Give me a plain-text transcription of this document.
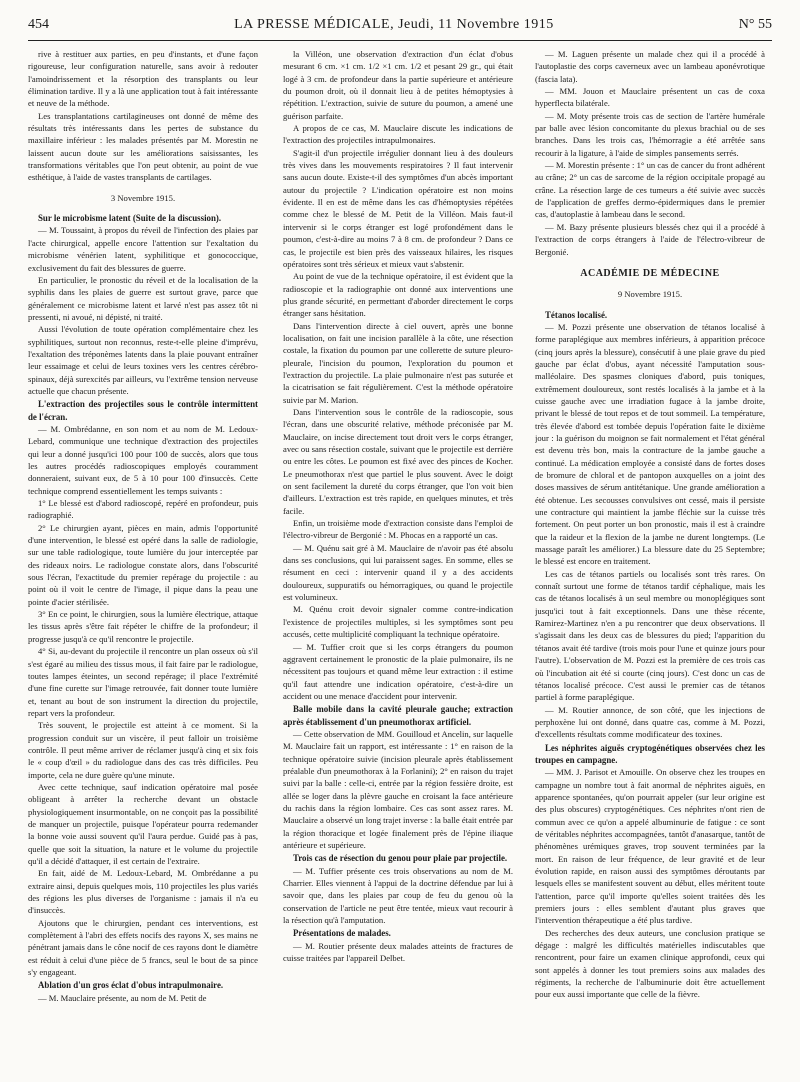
454	LA PRESSE MÉDICALE, Jeudi, 11 Novembre 1915	N° 55

rive à restituer aux parties, en peu d'instants, et d'une façon rigoureuse, leur configuration naturelle, sans avoir à redouter l'amoindrissement et la résorption des transplants ou leur élimination tardive. Il y a là une application tout à fait intéressante et neuve de la méthode.

Les transplantations cartilagineuses ont donné de même des résultats très intéressants dans les pertes de substance du maxillaire inférieur : les malades présentés par M. Morestin ne laissent aucun doute sur les améliorations saisissantes, les transformations véritables que l'on peut obtenir, au point de vue esthétique, à l'aide de vastes transplants de cartilages.

3 Novembre 1915.

Sur le microbisme latent (Suite de la discussion).

— M. Toussaint, à propos du réveil de l'infection des plaies par l'acte chirurgical, appelle encore l'attention sur l'exaltation du microbisme vénérien latent, syphilitique et gonococcique, exclusivement du fait des blessures de guerre.

En particulier, le pronostic du réveil et de la localisation de la syphilis dans les plaies de guerre est surtout grave, parce que généralement ce microbisme latent et larvé n'est pas assez tôt ni pressenti, ni avoué, ni dépisté, ni traité.

Aussi l'évolution de toute opération complémentaire chez les syphilitiques, surtout non reconnus, reste-t-elle pleine d'imprévu, l'exaltation des tréponèmes latents dans la plaie pouvant entraîner leur essaimage et celui de leurs toxines vers les centres cérébro-spinaux, déjà surexcités par ailleurs, vu l'extrême tension nerveuse actuelle que chacun présente.

L'extraction des projectiles sous le contrôle intermittent de l'écran.

— M. Ombrédanne, en son nom et au nom de M. Ledoux-Lebard, communique une technique d'extraction des projectiles qui leur a donné jusqu'ici 100 pour 100 de succès, alors que tous les autres procédés radioscopiques employés couramment donneraient, suivant eux, de 5 à 10 pour 100 d'insuccès. Cette technique comprend essentiellement les temps suivants :

1° Le blessé est d'abord radioscopé, repéré en profondeur, puis radiographié.

2° Le chirurgien ayant, pièces en main, admis l'opportunité d'une intervention, le blessé est opéré dans la salle de radiologie, sur une table radiologique, toute lumière du jour interceptée par des rideaux noirs. Le radiologue constate alors, dans l'obscurité sous l'écran, l'exactitude du premier repérage du projectile : au point où il voit le centre de l'image, il pique dans la peau une pointe d'acier stérilisée.

3° En ce point, le chirurgien, sous la lumière électrique, attaque les tissus après s'être fait répéter le chiffre de la profondeur; il progresse jusqu'à ce qu'il rencontre le projectile.

4° Si, au-devant du projectile il rencontre un plan osseux où s'il s'est égaré au milieu des tissus mous, il fait faire par le radiologue, toutes lampes éteintes, un second repérage; il place l'extrémité d'une fine curette sur l'image retrouvée, fait donner toute lumière et, tenant au bout de son instrument la direction du projectile, repart vers la profondeur.

Très souvent, le projectile est atteint à ce moment. Si la progression conduit sur un viscère, il peut falloir un troisième contrôle. Il peut même arriver de réclamer jusqu'à cinq et six fois le « coup d'œil » du radiologue dans des cas très difficiles. Peu importe, cela ne dure guère qu'une minute.

Avec cette technique, sauf indication opératoire mal posée obligeant à arrêter la recherche devant un obstacle physiologiquement insurmontable, on ne conçoit pas la possibilité de manquer un projectile, puisque l'opérateur pourra redemander la bonne voie aussi souvent qu'il l'aura perdue. Guidé pas à pas, quelle que soit la situation, la nature et le volume du projectile qu'il a décidé d'attaquer, il est certain de l'extraire.

En fait, aidé de M. Ledoux-Lebard, M. Ombrédanne a pu extraire ainsi, depuis quelques mois, 110 projectiles les plus variés des régions les plus diverses de l'organisme : jamais il n'a eu d'insuccès.

Ajoutons que le chirurgien, pendant ces interventions, est complètement à l'abri des effets nocifs des rayons X, ses mains ne pénétrant jamais dans le cône nocif de ces rayons dont le diamètre est réduit à celui d'une pièce de 5 francs, seul le bout de sa pince s'y engageant.

Ablation d'un gros éclat d'obus intrapulmonaire.

— M. Mauclaire présente, au nom de M. Petit de

la Villéon, une observation d'extraction d'un éclat d'obus mesurant 6 cm. ×1 cm. 1/2 ×1 cm. 1/2 et pesant 29 gr., qui était logé à 3 cm. de profondeur dans la partie supérieure et antérieure du poumon droit, où il donnait lieu à de petites hémoptysies à répétition. L'extraction, suivie de suture du poumon, a amené une guérison parfaite.

A propos de ce cas, M. Mauclaire discute les indications de l'extraction des projectiles intrapulmonaires.

S'agit-il d'un projectile irrégulier donnant lieu à des douleurs très vives dans les mouvements respiratoires ? Il faut intervenir sans aucun doute. Existe-t-il des symptômes d'un abcès important autour du projectile ? L'indication opératoire est non moins évidente. Il en est de même dans les cas d'hémoptysies répétées comme chez le blessé de M. Petit de la Villéon. Mais faut-il intervenir si le corps étranger est logé profondément dans le poumon, c'est-à-dire au moins 7 à 8 cm. de profondeur ? Dans ce cas, le projectile est bien près des vaisseaux hilaires, les risques opératoires sont très sérieux et mieux vaut s'abstenir.

Au point de vue de la technique opératoire, il est évident que la radioscopie et la radiographie ont donné aux interventions une plus grande sécurité, en permettant d'aborder directement le corps étranger sans hésitation.

Dans l'intervention directe à ciel ouvert, après une bonne localisation, on fait une incision parallèle à la côte, une résection costale, la fixation du poumon par une collerette de suture pleuro-pleurale, l'incision du poumon, l'exploration du poumon et l'extraction du projectile. La plaie pulmonaire n'est pas suturée et la cicatrisation se fait régulièrement. C'est la méthode opératoire suivie par M. Marion.

Dans l'intervention sous le contrôle de la radioscopie, sous l'écran, dans une obscurité relative, méthode préconisée par M. Mauclaire, on incise directement tout droit vers le corps étranger, avec ou sans résection costale, suivant que le projectile est derrière ou entre les côtes. Le poumon est fixé avec des pinces de Kocher. Le pneumothorax n'est que partiel le plus souvent. Avec le doigt on sent facilement la dureté du corps étranger, que l'on voit bien d'ailleurs. L'extraction est très rapide, en quelques minutes, et très facile.

Enfin, un troisième mode d'extraction consiste dans l'emploi de l'électro-vibreur de Bergonié : M. Phocas en a rapporté un cas.

— M. Quénu sait gré à M. Mauclaire de n'avoir pas été absolu dans ses conclusions, qui lui paraissent sages. En somme, elles se résument en ceci : intervenir quand il y a des accidents douloureux, suppuratifs ou hémorragiques, ou quand le projectile est volumineux.

M. Quénu croit devoir signaler comme contre-indication l'existence de projectiles multiples, si les symptômes sont peu accusés, cette multiplicité compliquant la technique opératoire.

— M. Tuffier croit que si les corps étrangers du poumon aggravent certainement le pronostic de la plaie pulmonaire, ils ne nécessitent pas toujours et quand même leur extraction : il estime qu'il faut attendre une indication opératoire, c'est-à-dire un accident ou une menace d'accident pour intervenir.

Balle mobile dans la cavité pleurale gauche; extraction après établissement d'un pneumothorax artificiel.

— Cette observation de MM. Gouilloud et Ancelin, sur laquelle M. Mauclaire fait un rapport, est intéressante : 1° en raison de la technique opératoire suivie (incision pleurale après établissement préalable d'un pneumothorax à la Forlanini); 2° en raison du trajet suivi par la balle : celle-ci, entrée par la région fessière droite, est allée se loger dans la plèvre gauche en croisant la face antérieure du rachis dans la région lombaire. Ces cas sont assez rares. M. Mauclaire a observé un long trajet inverse : la balle était entrée par la région thoracique et logée finalement près de l'épine iliaque antérieure et supérieure.

Trois cas de résection du genou pour plaie par projectile.

— M. Tuffier présente ces trois observations au nom de M. Charrier. Elles viennent à l'appui de la doctrine défendue par lui à savoir que, dans les plaies par coup de feu du genou où la conservation de l'article ne peut être tentée, mieux vaut recourir à la résection qu'à l'amputation.

Présentations de malades.

— M. Routier présente deux malades atteints de fractures de cuisse traitées par l'appareil Delbet.

— M. Laguen présente un malade chez qui il a procédé à l'autoplastie des corps caverneux avec un lambeau aponévrotique (fascia lata).

— MM. Jouon et Mauclaire présentent un cas de coxa hyperflecta bilatérale.

— M. Moty présente trois cas de section de l'artère humérale par balle avec lésion concomitante du plexus brachial ou de ses branches. Dans les trois cas, l'hémorragie a été arrêtée sans recourir à la ligature, à l'aide de simples pansements serrés.

— M. Morestin présente : 1° un cas de cancer du front adhérent au crâne; 2° un cas de sarcome de la région occipitale propagé au crâne. La résection large de ces tumeurs a été suivie avec succès de l'application de greffes dermo-épidermiques dans le premier cas, d'autoplastie à lambeau dans le second.

— M. Bazy présente plusieurs blessés chez qui il a procédé à l'extraction de corps étrangers à l'aide de l'électro-vibreur de Bergonié.

ACADÉMIE DE MÉDECINE

9 Novembre 1915.

Tétanos localisé.

— M. Pozzi présente une observation de tétanos localisé à forme paraplégique aux membres inférieurs, à apparition précoce (cinq jours après la blessure), consécutif à une plaie grave du pied gauche par éclat d'obus, ayant nécessité l'amputation sous-malléolaire. Des spasmes cloniques d'abord, puis toniques, extrêmement douloureux, sont restés localisés à la jambe et à la cuisse gauche avec une irradiation fugace à la jambe droite, privant le blessé de tout repos et de tout sommeil. La température, très élevée d'abord est tombée depuis l'opération faite le dixième jour : la guérison du moignon se fait normalement et l'état général est devenu très bon, mais la contracture de la jambe gauche a continué. La médication employée a consisté dans de fortes doses de bromure de chloral et de pantopon auxquelles on a joint des doses massives de sérum antitétanique. Une grande amélioration a été obtenue. Les secousses convulsives ont cessé, mais il persiste une contracture qui maintient la jambe fléchie sur la cuisse très fortement. On peut porter un bon pronostic, mais il est à craindre que la raideur et la flexion de la jambe ne durent longtemps. (Le massage paraît les améliorer.) La blessure date du 25 Septembre; le blessé est encore en traitement.

Les cas de tétanos partiels ou localisés sont très rares. On connaît surtout une forme de tétanos tardif céphalique, mais les cas de tétanos localisés à un seul membre ou monoplégiques sont jusqu'ici tout à fait exceptionnels. Dans une thèse récente, Ramirez-Martinez n'en a pu rencontrer que deux observations. Il s'agissait dans les deux cas de blessures du pied; l'apparition du tétanos avait été tardive (trois mois pour l'une et quinze jours pour l'autre). L'observation de M. Pozzi est la première de ces trois cas où l'incubation ait été si courte (cinq jours). C'est donc un cas de tétanos localisé précoce. C'est aussi le premier cas de tétanos partiel à forme paraplégique.

— M. Routier annonce, de son côté, que les injections de perphoxène lui ont donné, dans quatre cas, comme à M. Pozzi, d'excellents résultats comme modificateur des toxines.

Les néphrites aiguës cryptogénétiques observées chez les troupes en campagne.

— MM. J. Parisot et Amouille. On observe chez les troupes en campagne un nombre tout à fait anormal de néphrites aiguës, en apparence spontanées, qu'on pourrait appeler (sur leur origine est des plus obscures) cryptogénétiques. Ces néphrites n'ont rien de commun avec ce qu'on a appelé albuminurie de fatigue : ce sont de véritables néphrites accompagnées, tantôt d'anasarque, tantôt de phénomènes urémiques graves, trop souvent terminées par la mort. En raison de leur fréquence, de leur gravité et de leur évolution rapide, en raison aussi des symptômes déroutants par lesquels elles se manifestent souvent au début, elles méritent toute l'attention, parce qu'il importe qu'elles soient traitées dès les premiers jours : elles semblent d'autant plus graves que l'intervention thérapeutique a été plus tardive.

Des recherches des deux auteurs, une conclusion pratique se dégage : malgré les difficultés matérielles indiscutables que rencontrent, pour faire un examen clinique approfondi, ceux qui sont appelés à donner les tout premiers soins aux malades des régiments, la recherche de l'albuminurie doit être actuellement pour eux aussi importante que celle de la fièvre.
